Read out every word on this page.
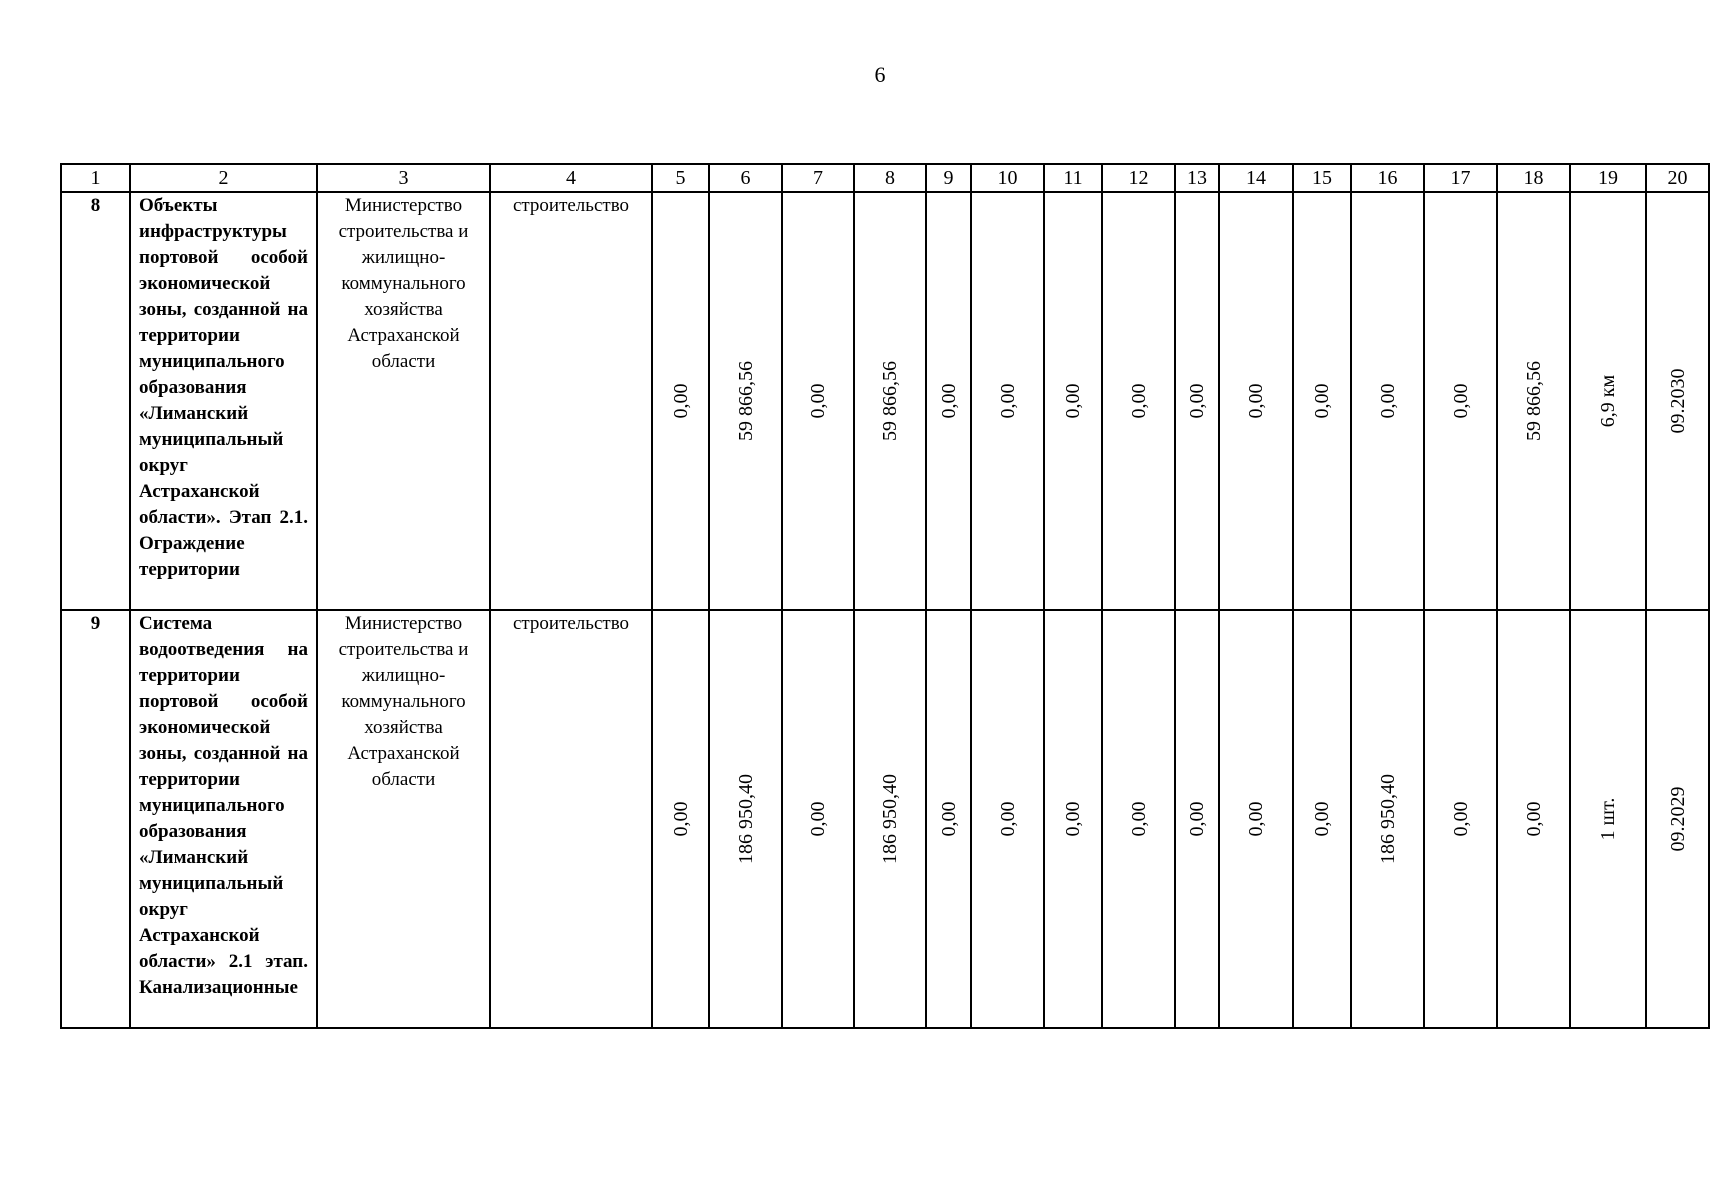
6
1	2	3	4	5	6	7	8	9	10	11	12	13	14	15	16	17	18	19	20
8	Объекты инфраструктуры портовой особой экономической зоны, созданной на территории муниципального образования «Лиманский муниципальный округ Астраханской области». Этап 2.1. Ограждение территории	Министерство строительства и жилищно-коммунального хозяйства Астраханской области	строительство	0,00	59 866,56	0,00	59 866,56	0,00	0,00	0,00	0,00	0,00	0,00	0,00	0,00	0,00	59 866,56	6,9 км	09.2030

9	Система водоотведения на территории портовой особой экономической зоны, созданной на территории муниципального образования «Лиманский муниципальный округ Астраханской области» 2.1 этап. Канализационные	Министерство строительства и жилищно-коммунального хозяйства Астраханской области	строительство	0,00	186 950,40	0,00	186 950,40	0,00	0,00	0,00	0,00	0,00	0,00	0,00	186 950,40	0,00	0,00	1 шт.	09.2029
